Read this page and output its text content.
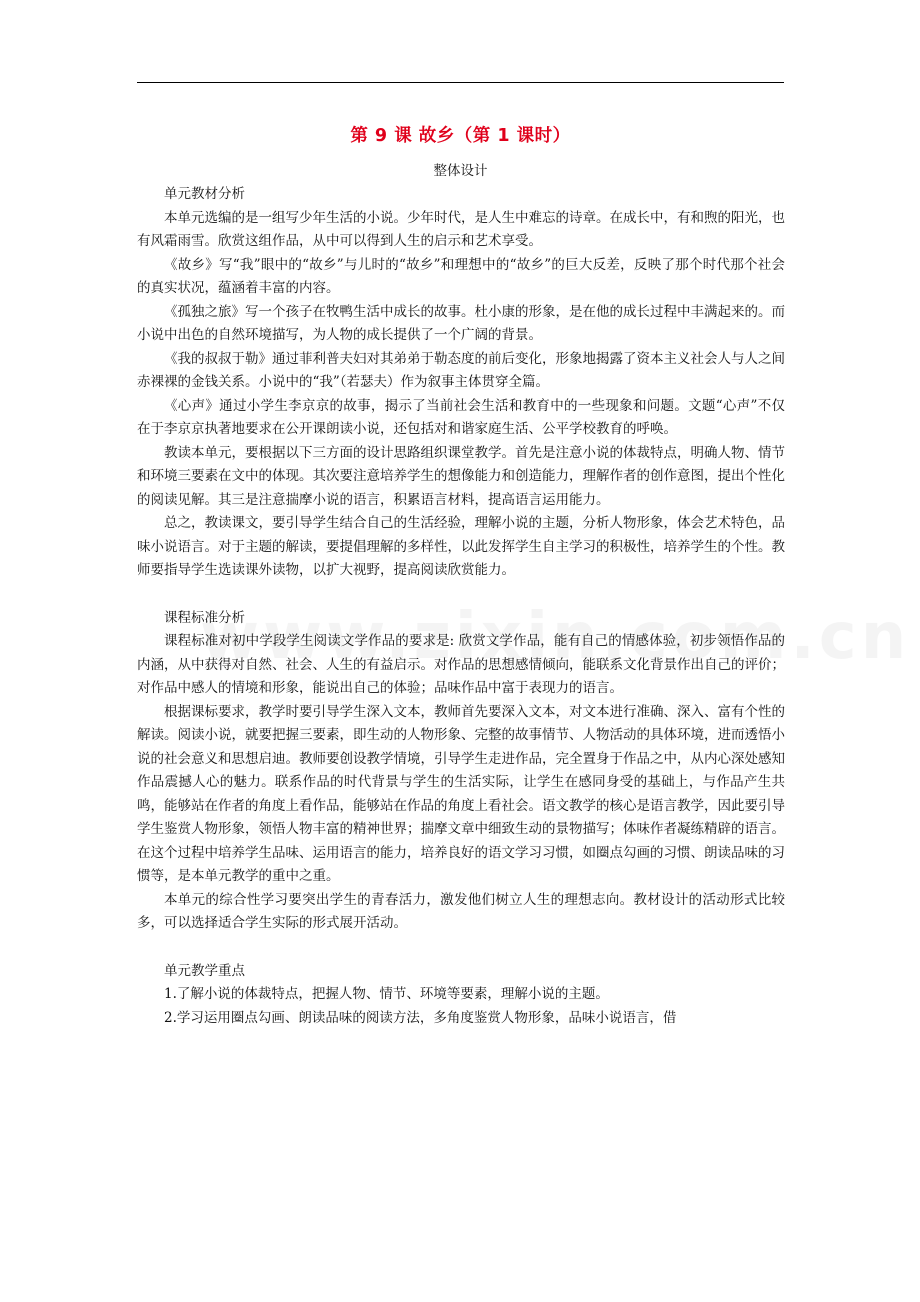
第 9 课 故乡（第 1 课时）
整体设计
单元教材分析

本单元选编的是一组写少年生活的小说。少年时代，是人生中难忘的诗章。在成长中，有和煦的阳光，也有风霜雨雪。欣赏这组作品，从中可以得到人生的启示和艺术享受。

《故乡》写“我”眼中的“故乡”与儿时的“故乡”和理想中的“故乡”的巨大反差，反映了那个时代那个社会的真实状况，蕴涵着丰富的内容。

《孤独之旅》写一个孩子在牧鸭生活中成长的故事。杜小康的形象，是在他的成长过程中丰满起来的。而小说中出色的自然环境描写，为人物的成长提供了一个广阔的背景。

《我的叔叔于勒》通过菲利普夫妇对其弟弟于勒态度的前后变化，形象地揭露了资本主义社会人与人之间赤裸裸的金钱关系。小说中的“我”（若瑟夫）作为叙事主体贯穿全篇。

《心声》通过小学生李京京的故事，揭示了当前社会生活和教育中的一些现象和问题。文题“心声”不仅在于李京京执著地要求在公开课朗读小说，还包括对和谐家庭生活、公平学校教育的呼唤。

教读本单元，要根据以下三方面的设计思路组织课堂教学。首先是注意小说的体裁特点，明确人物、情节和环境三要素在文中的体现。其次要注意培养学生的想像能力和创造能力，理解作者的创作意图，提出个性化的阅读见解。其三是注意揣摩小说的语言，积累语言材料，提高语言运用能力。

总之，教读课文，要引导学生结合自己的生活经验，理解小说的主题，分析人物形象，体会艺术特色，品味小说语言。对于主题的解读，要提倡理解的多样性，以此发挥学生自主学习的积极性，培养学生的个性。教师要指导学生选读课外读物，以扩大视野，提高阅读欣赏能力。

课程标准分析

课程标准对初中学段学生阅读文学作品的要求是: 欣赏文学作品，能有自己的情感体验，初步领悟作品的内涵，从中获得对自然、社会、人生的有益启示。对作品的思想感情倾向，能联系文化背景作出自己的评价；对作品中感人的情境和形象，能说出自己的体验；品味作品中富于表现力的语言。

根据课标要求，教学时要引导学生深入文本，教师首先要深入文本，对文本进行准确、深入、富有个性的解读。阅读小说，就要把握三要素，即生动的人物形象、完整的故事情节、人物活动的具体环境，进而透悟小说的社会意义和思想启迪。教师要创设教学情境，引导学生走进作品，完全置身于作品之中，从内心深处感知作品震撼人心的魅力。联系作品的时代背景与学生的生活实际，让学生在感同身受的基础上，与作品产生共鸣，能够站在作者的角度上看作品，能够站在作品的角度上看社会。语文教学的核心是语言教学，因此要引导学生鉴赏人物形象，领悟人物丰富的精神世界；揣摩文章中细致生动的景物描写；体味作者凝练精辟的语言。在这个过程中培养学生品味、运用语言的能力，培养良好的语文学习习惯，如圈点勾画的习惯、朗读品味的习惯等，是本单元教学的重中之重。

本单元的综合性学习要突出学生的青春活力，激发他们树立人生的理想志向。教材设计的活动形式比较多，可以选择适合学生实际的形式展开活动。

单元教学重点

1.了解小说的体裁特点，把握人物、情节、环境等要素，理解小说的主题。

2.学习运用圈点勾画、朗读品味的阅读方法，多角度鉴赏人物形象，品味小说语言，借
